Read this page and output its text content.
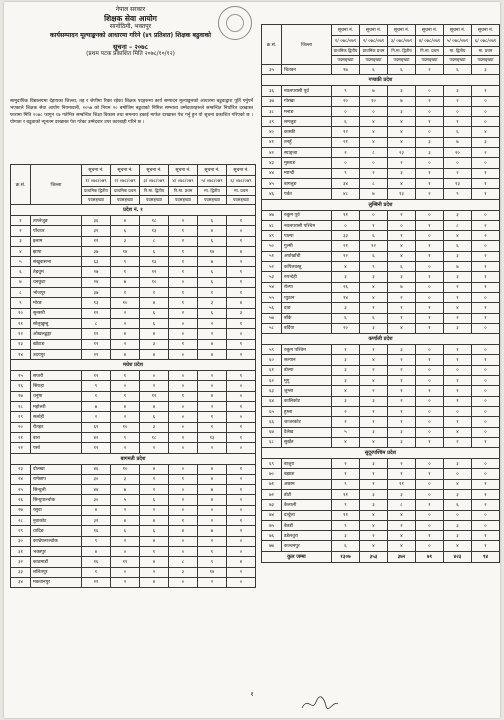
नेपाल सरकार
शिक्षक सेवा आयोग
सानोठिमी, भक्तपुर
कार्यसम्पादन मूल्याङ्कनको आधारमा गरिने (४९ प्रतिशत) शिक्षक बढुवाको
सूचना – २०७८
(प्रथम पटक प्रकाशित मिति २०७८/१०/१२)
सामुदायिक विद्यालयमा देहायका जिल्ला, तह र श्रेणीमा रिक्त रहेका शिक्षक पदहरूमा कार्य सम्पादन मूल्याङ्कनको आधारमा बढुवाद्वारा पूर्ति गर्नुपर्ने भएकाले शिक्षक सेवा आयोग नियमावली, २०५७ को नियम २० बमोजिम बढुवाको निमित्त सम्भाव्य उम्मेदवारहरूले सम्बन्धित निर्धारित दरखास्त फारामा मिति २०७८ फागुन १७ गतेभित्र सम्बन्धित शिक्षा विकास तथा समन्वय इकाई मार्फत दरखास्त पेश गर्नु हुन यो सूचना प्रकाशित गरिएको छ । योग्यता र बढुवाको न्यूनतम दरखास्त पेश गरेका उम्मेदवार उपर कारबाही गरिने छ ।
क्र.सं.	जिल्ला	सूचना नं.	सूचना नं.	सूचना नं.	सूचना नं.	सूचना नं.	सूचना नं.
		१/ ०७८/०७९	२/ ०७८/०७९	३/ ०७८/०७९	४/ ०७८/०७९	५/ ०७८/०७९	६/ ०७८/०७९
		प्राथमिक द्वितीय	प्राथमिक प्रथम	नि.मा. द्वितीय	नि.मा. प्रथम	मा. द्वितीय	मा. प्रथम
		पदसङ्ख्या	पदसङ्ख्या	पदसङ्ख्या	पदसङ्ख्या	पदसङ्ख्या	पदसङ्ख्या
प्रदेश नं. १							
१	ताप्लेजुङ	३६	४	१८	२	६	१
२	पाँचथर	३१	६	१३	१	४	०
३	इलाम	११	३	८	२	६	१
४	झापा	३७	१४	६	१	१४	४
५	संखुवासभा	६३	९	१३	१	७	२
६	तेह्रथुम	२७	१	१२	१	६	१
७	धनकुटा	२४	७	१०	०	६	१
८	भोजपुर	३७	१	१	१	१	१
९	मोरङ	१३	१०	४	१	३	४
१०	सुनसरी	११	२	६	२	६	३
११	सोलुखुम्बु	८	२	६	०	२	१
१२	ओखलढुङ्गा	११	४	४	०	२	०
१३	खोटाङ	१२	२	३	१	४	१
१४	उदयपुर	२१	४	४	०	४	२
मधेश प्रदेश							
१५	सप्तरी	१२	१	०	०	२	१
१६	सिराहा	९	०	२	०	०	०
१७	धनुषा	१	१	१२	१	४	०
१८	महोत्तरी	७	४	४	०	२	१
१९	सर्लाही	२	२	६	०	१	०
२०	रौतहट	६१	१०	३	०	१	१
२१	बारा	४२	९	१८	२	१३	१
२२	पर्सा	१२	२	२	०	२	०
बागमती प्रदेश							
२३	दोलखा	४६	१०	४	०	४	१
२४	रामेछाप	३०	३	१	१	४	२
२५	सिन्धुली	४४	७	१	०	७	१
२६	सिन्धुपाल्चोक	३०	५	६	२	४	२
२७	रसुवा	४	२	२	०	०	०
२८	नुवाकोट	३१	४	४	१	२	१
२९	धादिङ	१६	६	६	४	७	२
३०	काभ्रेपलाञ्चोक	९	२	४	०	२	०
३१	भक्तपुर	४	०	१	०	१	०
३२	काठमाडौं	१६	११	४	८	९	४
३३	ललितपुर	१	०	२	३	१४	२
३४	मकवानपुर	२१	२	४	०	२	०
क्र.सं.	जिल्ला	सूचना नं.	सूचना नं.	सूचना नं.	सूचना नं.	सूचना नं.	सूचना नं.
		१/ ०७८/०७९	२/ ०७८/०७९	३/ ०७८/०७९	४/ ०७८/०७९	५/ ०७८/०७९	६/ ०७८/०७९
		प्राथमिक द्वितीय	प्राथमिक प्रथम	नि.मा. द्वितीय	नि.मा. प्रथम	मा. द्वितीय	मा. प्रथम
		पदसङ्ख्या	पदसङ्ख्या	पदसङ्ख्या	पदसङ्ख्या	पदसङ्ख्या	पदसङ्ख्या
३५	चितवन	१७	६	६	२	६	३
गण्डकी प्रदेश							
३६	नवलपरासी पूर्व	९	७	३	०	३	१
३७	गोरखा	२०	१०	७	२	२	०
३८	मनाङ	०	०	३	०	०	०
३९	लमजुङ	६	४	४	१	१	०
४०	कास्की	१२	४	४	०	६	४
४१	तनहुँ	२१	४	४	३	७	३
४२	स्याङ्जा	२	८	२३	३	२०	२
४३	मुस्ताङ	०	०	२	०	०	०
४४	म्याग्दी	९	२	३	१	२	१
४५	बागलुङ	३४	८	४	१	१३	१
४६	पर्वत	४८	७	१३	२	९	१
लुम्बिनी प्रदेश							
४७	रुकुम पूर्व	११	०	२	०	३	०
४८	नवलपरासी पश्चिम	०	१	०	१	८	२
४९	पाल्पा	३३	६	१	०	४	२
५०	गुल्मी	२१	१२	४	१	६	०
५१	अर्घाखाँची	१२	६	४	१	३	२
५२	कपिलवस्तु	४	९	६	०	७	१
५३	रुपन्देही	३	३	३	१	३	१
५४	रोल्पा	२६	४	७	०	२	१
५५	प्युठान	१४	४	२	०	१	०
५६	दाङ	३	१	१	१	४	१
५७	बाँके	६	६	१	१	२	१
५८	बर्दिया	२०	३	४	१	३	०
कर्णाली प्रदेश							
५९	रुकुम पश्चिम	१	१	३	०	१	०
६०	सल्यान	३	४	२	१	१	१
६१	डोल्पा	३	२	२	०	०	०
६२	मुगु	३	४	१	०	१	०
६३	जुम्ला	४	२	१	१	१	०
६४	कालिकोट	३	३	२	०	१	०
६५	हुम्ला	२	१	१	०	०	०
६६	जाजरकोट	२	१	१	०	१	०
६७	दैलेख	५	३	३	०	४	०
६८	सुर्खेत	४	४	३	१	२	१
सुदूरपश्चिम प्रदेश							
६९	बाजुरा	२	३	२	०	३	०
७०	बझाङ	१	१	१	१	०	०
७१	अछाम	९	१	११	०	४	१
७२	डोटी	११	३	३	०	३	१
७३	कैलाली	९	३	८	१	६	२
७४	दार्चुला	११	४	४	०	०	०
७५	बैतडी	९	४	२	०	३	०
७६	डडेलधुरा	३	२	४	१	३	१
७७	कञ्चनपुर	६	४	४	०	४	१
कुल जम्मा		१३०७	३५३	३७२	७१	४२३	९४
१
